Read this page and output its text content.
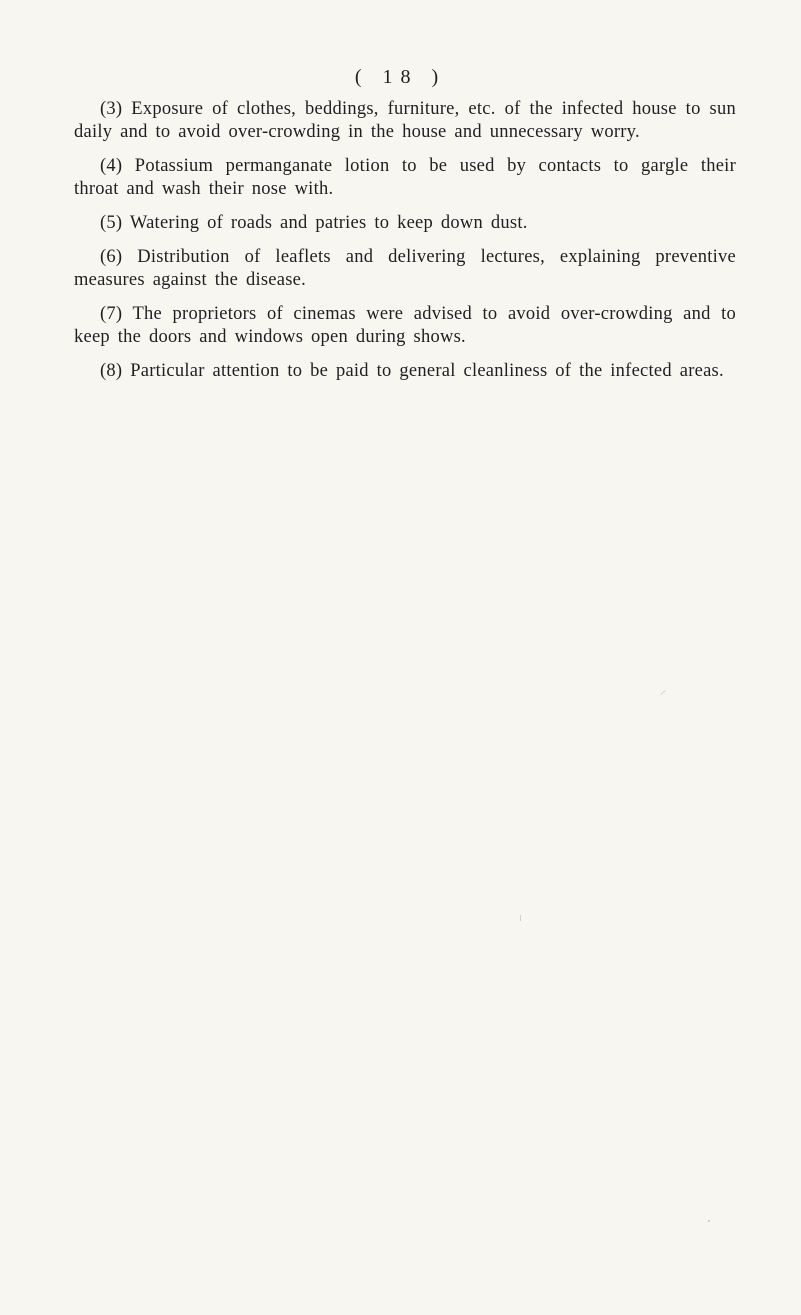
( 18 )

(3) Exposure of clothes, beddings, furniture, etc. of the infected house to sun daily and to avoid over-crowding in the house and unnecessary worry.

(4) Potassium permanganate lotion to be used by contacts to gargle their throat and wash their nose with.

(5) Watering of roads and patries to keep down dust.

(6) Distribution of leaflets and delivering lectures, explaining preventive measures against the disease.

(7) The proprietors of cinemas were advised to avoid over-crowding and to keep the doors and windows open during shows.

(8) Particular attention to be paid to general cleanliness of the infected areas.
